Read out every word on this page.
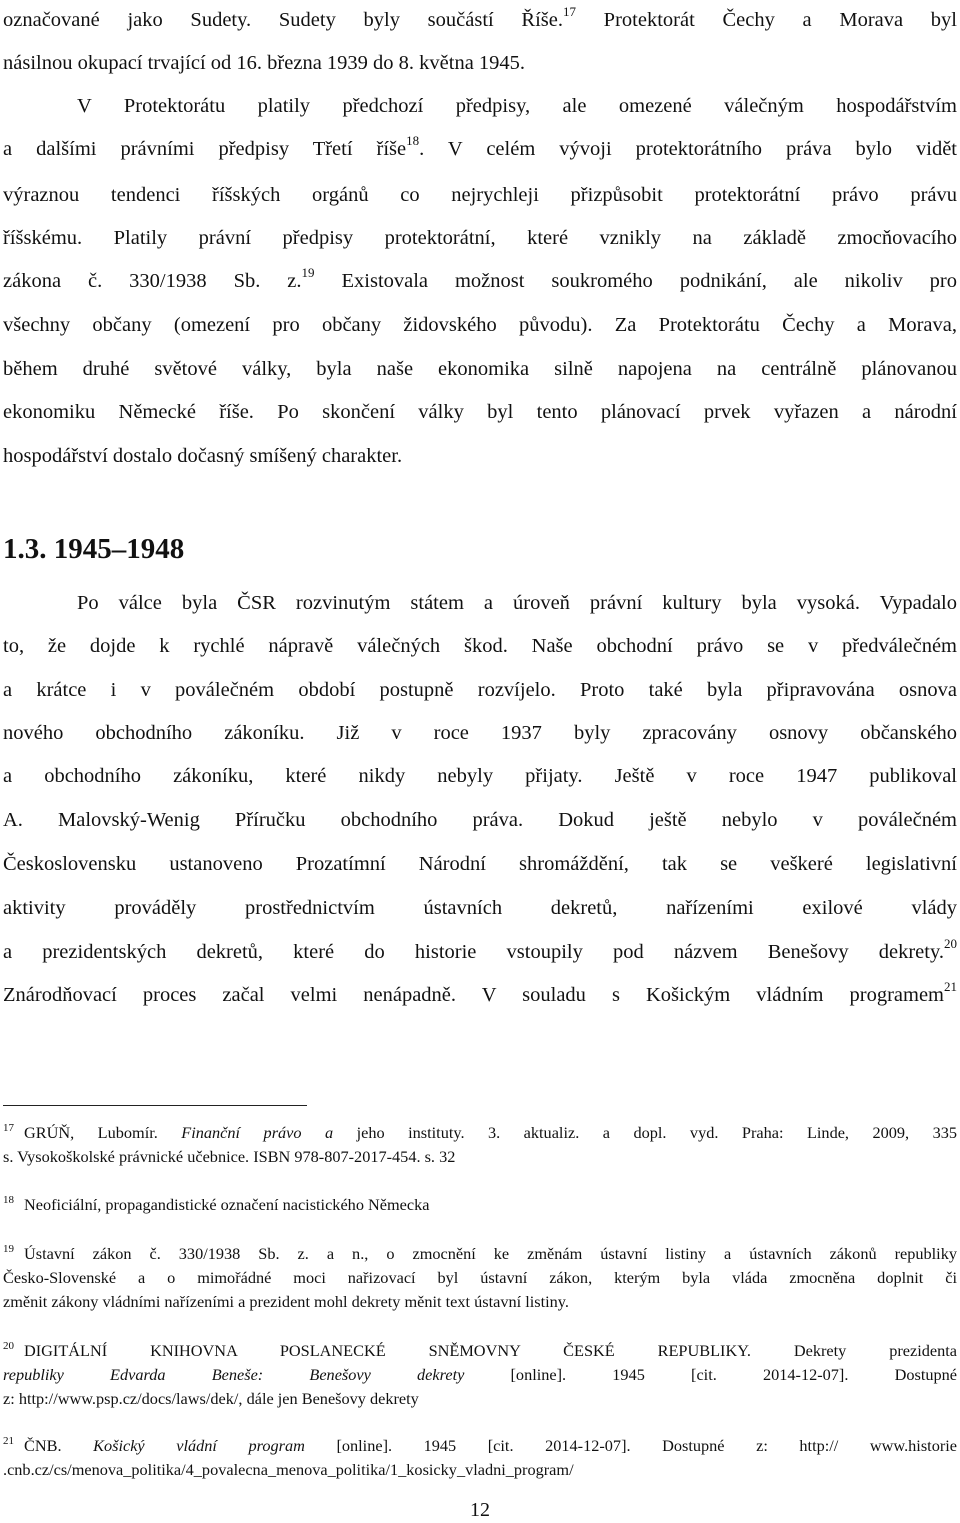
označované jako Sudety. Sudety byly součástí Říše.$^{17}$ Protektorát Čechy a Morava byl
násilnou okupací trvající od 16. března 1939 do 8. května 1945.
V Protektorátu platily předchozí předpisy, ale omezené válečným hospodářstvím
a dalšími právními předpisy Třetí říše$^{18}$. V celém vývoji protektorátního práva bylo vidět
výraznou tendenci říšských orgánů co nejrychleji přizpůsobit protektorátní právo právu
říšskému. Platily právní předpisy protektorátní, které vznikly na základě zmocňovacího
zákona č. 330/1938 Sb. z.$^{19}$ Existovala možnost soukromého podnikání, ale nikoliv pro
všechny občany (omezení pro občany židovského původu). Za Protektorátu Čechy a Morava,
během druhé světové války, byla naše ekonomika silně napojena na centrálně plánovanou
ekonomiku Německé říše. Po skončení války byl tento plánovací prvek vyřazen a národní
hospodářství dostalo dočasný smíšený charakter.
1.3. 1945–1948
Po válce byla ČSR rozvinutým státem a úroveň právní kultury byla vysoká. Vypadalo
to, že dojde k rychlé nápravě válečných škod. Naše obchodní právo se v předválečném
a krátce i v poválečném období postupně rozvíjelo. Proto také byla připravována osnova
nového obchodního zákoníku. Již v roce 1937 byly zpracovány osnovy občanského
a obchodního zákoníku, které nikdy nebyly přijaty. Ještě v roce 1947 publikoval
A. Malovský-Wenig Příručku obchodního práva. Dokud ještě nebylo v poválečném
Československu ustanoveno Prozatímní Národní shromáždění, tak se veškeré legislativní
aktivity prováděly prostřednictvím ústavních dekretů, nařízeními exilové vlády
a prezidentských dekretů, které do historie vstoupily pod názvem Benešovy dekrety.$^{20}$
Znárodňovací proces začal velmi nenápadně. V souladu s Košickým vládním programem$^{21}$
$^{17}$ GRÚŇ, Lubomír. Finanční právo a jeho instituty. 3. aktualiz. a dopl. vyd. Praha: Linde, 2009, 335
s. Vysokoškolské právnické učebnice. ISBN 978-807-2017-454. s. 32
$^{18}$ Neoficiální, propagandistické označení nacistického Německa
$^{19}$ Ústavní zákon č. 330/1938 Sb. z. a n., o zmocnění ke změnám ústavní listiny a ústavních zákonů republiky
Česko-Slovenské a o mimořádné moci nařizovací byl ústavní zákon, kterým byla vláda zmocněna doplnit či
změnit zákony vládními nařízeními a prezident mohl dekrety měnit text ústavní listiny.
$^{20}$ DIGITÁLNÍ KNIHOVNA POSLANECKÉ SNĚMOVNY ČESKÉ REPUBLIKY. Dekrety prezidenta
republiky Edvarda Beneše: Benešovy dekrety [online]. 1945 [cit. 2014-12-07]. Dostupné
z: http://www.psp.cz/docs/laws/dek/, dále jen Benešovy dekrety
$^{21}$ ČNB. Košický vládní program [online]. 1945 [cit. 2014-12-07]. Dostupné z: http:// www.historie
.cnb.cz/cs/menova_politika/4_povalecna_menova_politika/1_kosicky_vladni_program/
12
